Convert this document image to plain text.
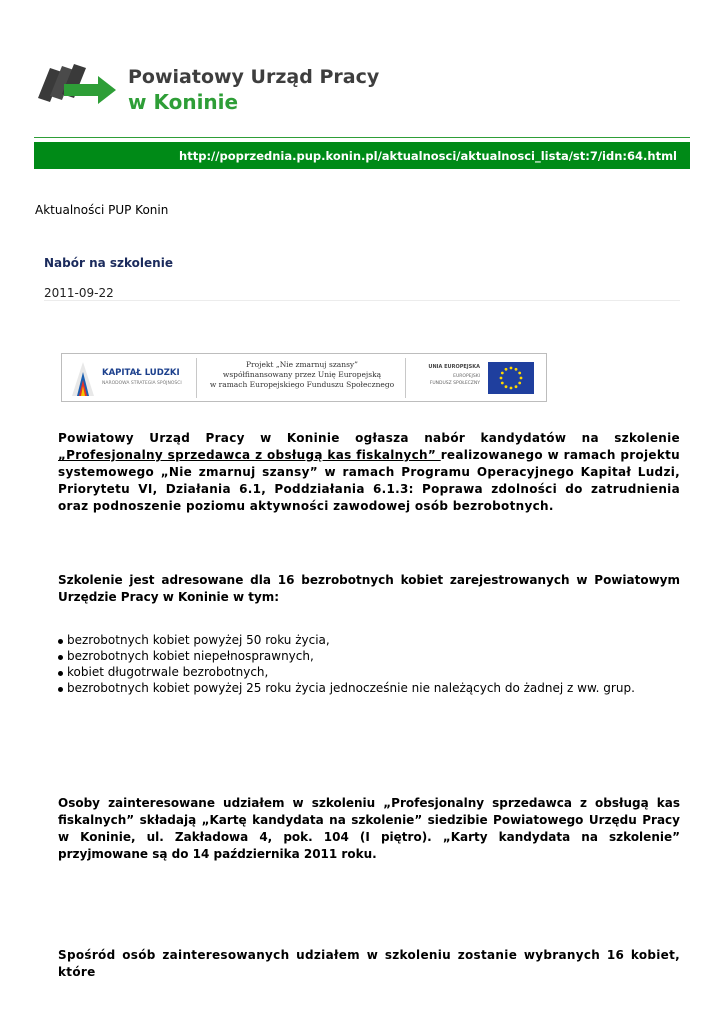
Powiatowy Urząd Pracy
w Koninie
http://poprzednia.pup.konin.pl/aktualnosci/aktualnosci_lista/st:7/idn:64.html
Aktualności PUP Konin
Nabór na szkolenie
2011-09-22
KAPITAŁ LUDZKI
NARODOWA STRATEGIA SPÓJNOŚCI
Projekt „Nie zmarnuj szansy”
współfinansowany przez Unię Europejską
w ramach Europejskiego Funduszu Społecznego
UNIA EUROPEJSKA
EUROPEJSKI
FUNDUSZ SPOŁECZNY

Powiatowy Urząd Pracy w Koninie ogłasza nabór kandydatów na szkolenie „Profesjonalny sprzedawca z obsługą kas fiskalnych” realizowanego w ramach projektu systemowego „Nie zmarnuj szansy” w ramach Programu Operacyjnego Kapitał Ludzi, Priorytetu VI, Działania 6.1, Poddziałania 6.1.3: Poprawa zdolności do zatrudnienia oraz podnoszenie poziomu aktywności zawodowej osób bezrobotnych.

Szkolenie jest adresowane dla 16 bezrobotnych kobiet zarejestrowanych w Powiatowym Urzędzie Pracy w Koninie w tym:

bezrobotnych kobiet powyżej 50 roku życia,
bezrobotnych kobiet niepełnosprawnych,
kobiet długotrwale bezrobotnych,
bezrobotnych kobiet powyżej 25 roku życia jednocześnie nie należących do żadnej z ww. grup.

Osoby zainteresowane udziałem w szkoleniu „Profesjonalny sprzedawca z obsługą kas fiskalnych” składają „Kartę kandydata na szkolenie” siedzibie Powiatowego Urzędu Pracy w Koninie, ul. Zakładowa 4, pok. 104 (I piętro). „Karty kandydata na szkolenie” przyjmowane są do 14 października 2011 roku.

Spośród osób zainteresowanych udziałem w szkoleniu zostanie wybranych 16 kobiet, które
